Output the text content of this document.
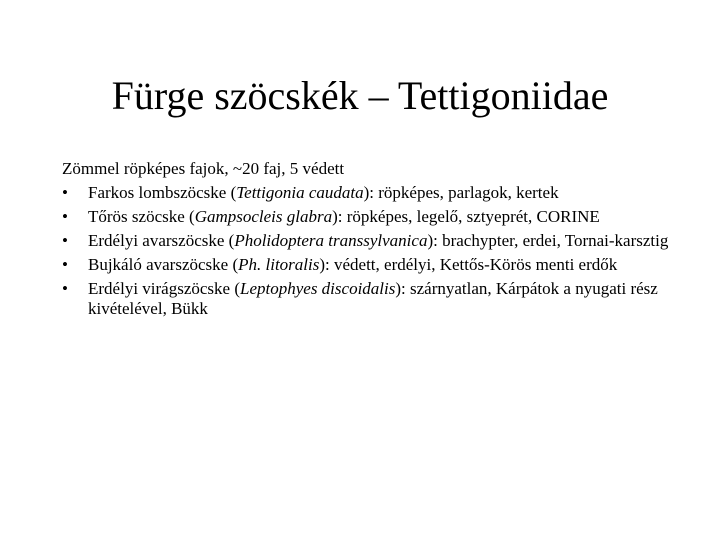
Fürge szöcskék – Tettigoniidae

Zömmel röpképes fajok, ~20 faj, 5 védett

• Farkos lombszöcske (Tettigonia caudata): röpképes, parlagok, kertek
• Tőrös szöcske (Gampsocleis glabra): röpképes, legelő, sztyeprét, CORINE
• Erdélyi avarszöcske (Pholidoptera transsylvanica): brachypter, erdei, Tornai-karsztig
• Bujkáló avarszöcske (Ph. litoralis): védett, erdélyi, Kettős-Körös menti erdők
• Erdélyi virágszöcske (Leptophyes discoidalis): szárnyatlan, Kárpátok a nyugati rész kivételével, Bükk
